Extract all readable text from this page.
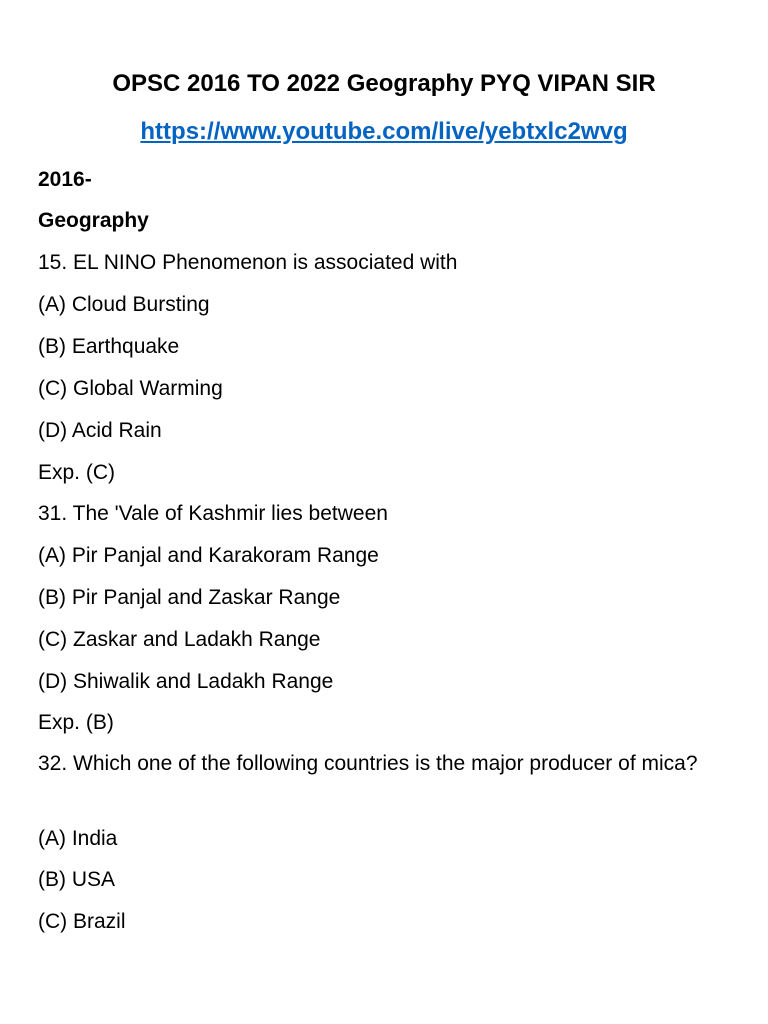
OPSC 2016 TO 2022 Geography PYQ VIPAN SIR
https://www.youtube.com/live/yebtxlc2wvg
2016-
Geography
15. EL NINO Phenomenon is associated with
(A) Cloud Bursting
(B) Earthquake
(C) Global Warming
(D) Acid Rain
Exp. (C)
31. The 'Vale of Kashmir lies between
(A) Pir Panjal and Karakoram Range
(B) Pir Panjal and Zaskar Range
(C) Zaskar and Ladakh Range
(D) Shiwalik and Ladakh Range
Exp. (B)
32. Which one of the following countries is the major producer of mica?
(A) India
(B) USA
(C) Brazil
